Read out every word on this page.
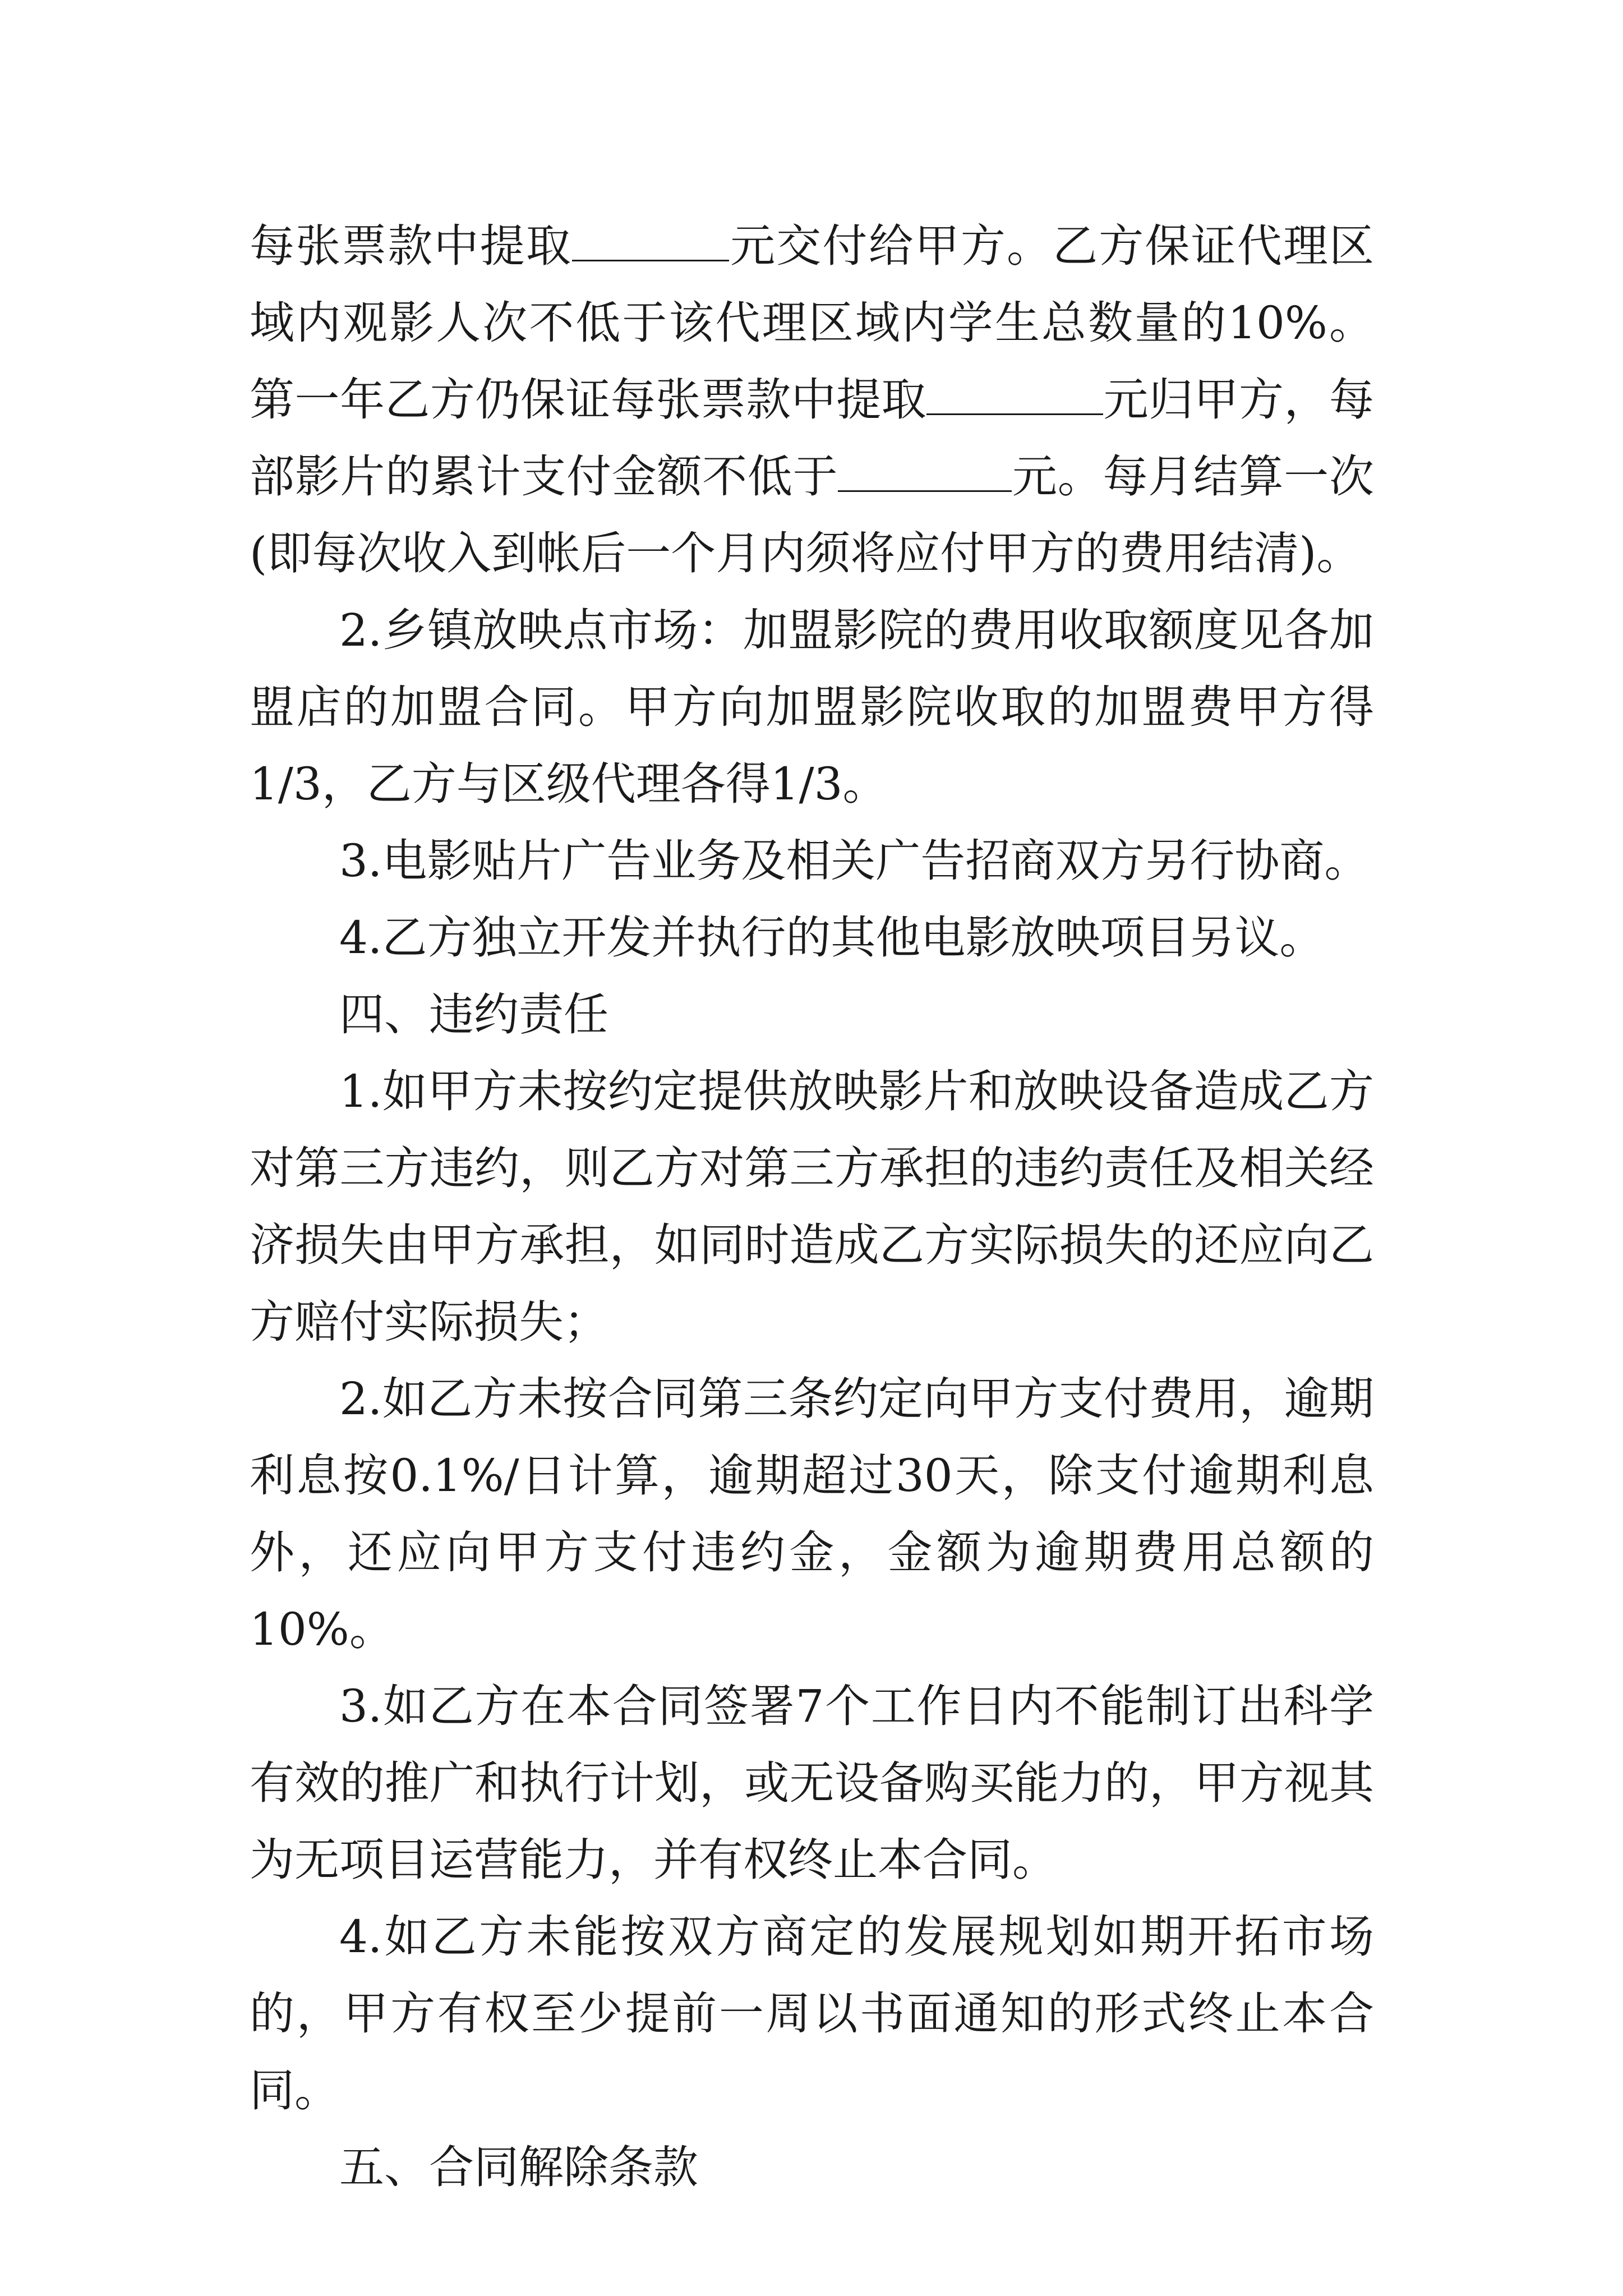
每张票款中提取	元交付给甲方。乙方保证代理区域内观影人次不低于该代理区域内学生总数量的10%。第一年乙方仍保证每张票款中提取	元归甲方，每部影片的累计支付金额不低于	元。每月结算一次(即每次收入到帐后一个月内须将应付甲方的费用结清)。

2.乡镇放映点市场：加盟影院的费用收取额度见各加盟店的加盟合同。甲方向加盟影院收取的加盟费甲方得1/3，乙方与区级代理各得1/3。

3.电影贴片广告业务及相关广告招商双方另行协商。

4.乙方独立开发并执行的其他电影放映项目另议。

四、违约责任

1.如甲方未按约定提供放映影片和放映设备造成乙方对第三方违约，则乙方对第三方承担的违约责任及相关经济损失由甲方承担，如同时造成乙方实际损失的还应向乙方赔付实际损失；

2.如乙方未按合同第三条约定向甲方支付费用，逾期利息按0.1%/日计算，逾期超过30天，除支付逾期利息外，还应向甲方支付违约金，金额为逾期费用总额的10%。

3.如乙方在本合同签署7个工作日内不能制订出科学有效的推广和执行计划，或无设备购买能力的，甲方视其为无项目运营能力，并有权终止本合同。

4.如乙方未能按双方商定的发展规划如期开拓市场的，甲方有权至少提前一周以书面通知的形式终止本合同。

五、合同解除条款
